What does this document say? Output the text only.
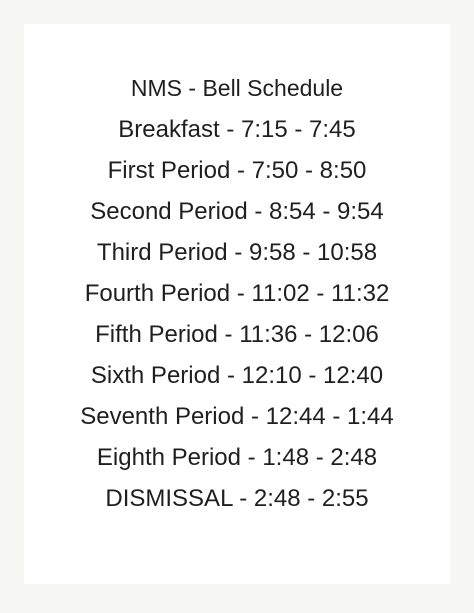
NMS - Bell Schedule
Breakfast - 7:15 - 7:45
First Period - 7:50 - 8:50
Second Period - 8:54 - 9:54
Third Period - 9:58 - 10:58
Fourth Period - 11:02 - 11:32
Fifth Period - 11:36 - 12:06
Sixth Period - 12:10 - 12:40
Seventh Period - 12:44 - 1:44
Eighth Period - 1:48 - 2:48
DISMISSAL - 2:48 - 2:55
